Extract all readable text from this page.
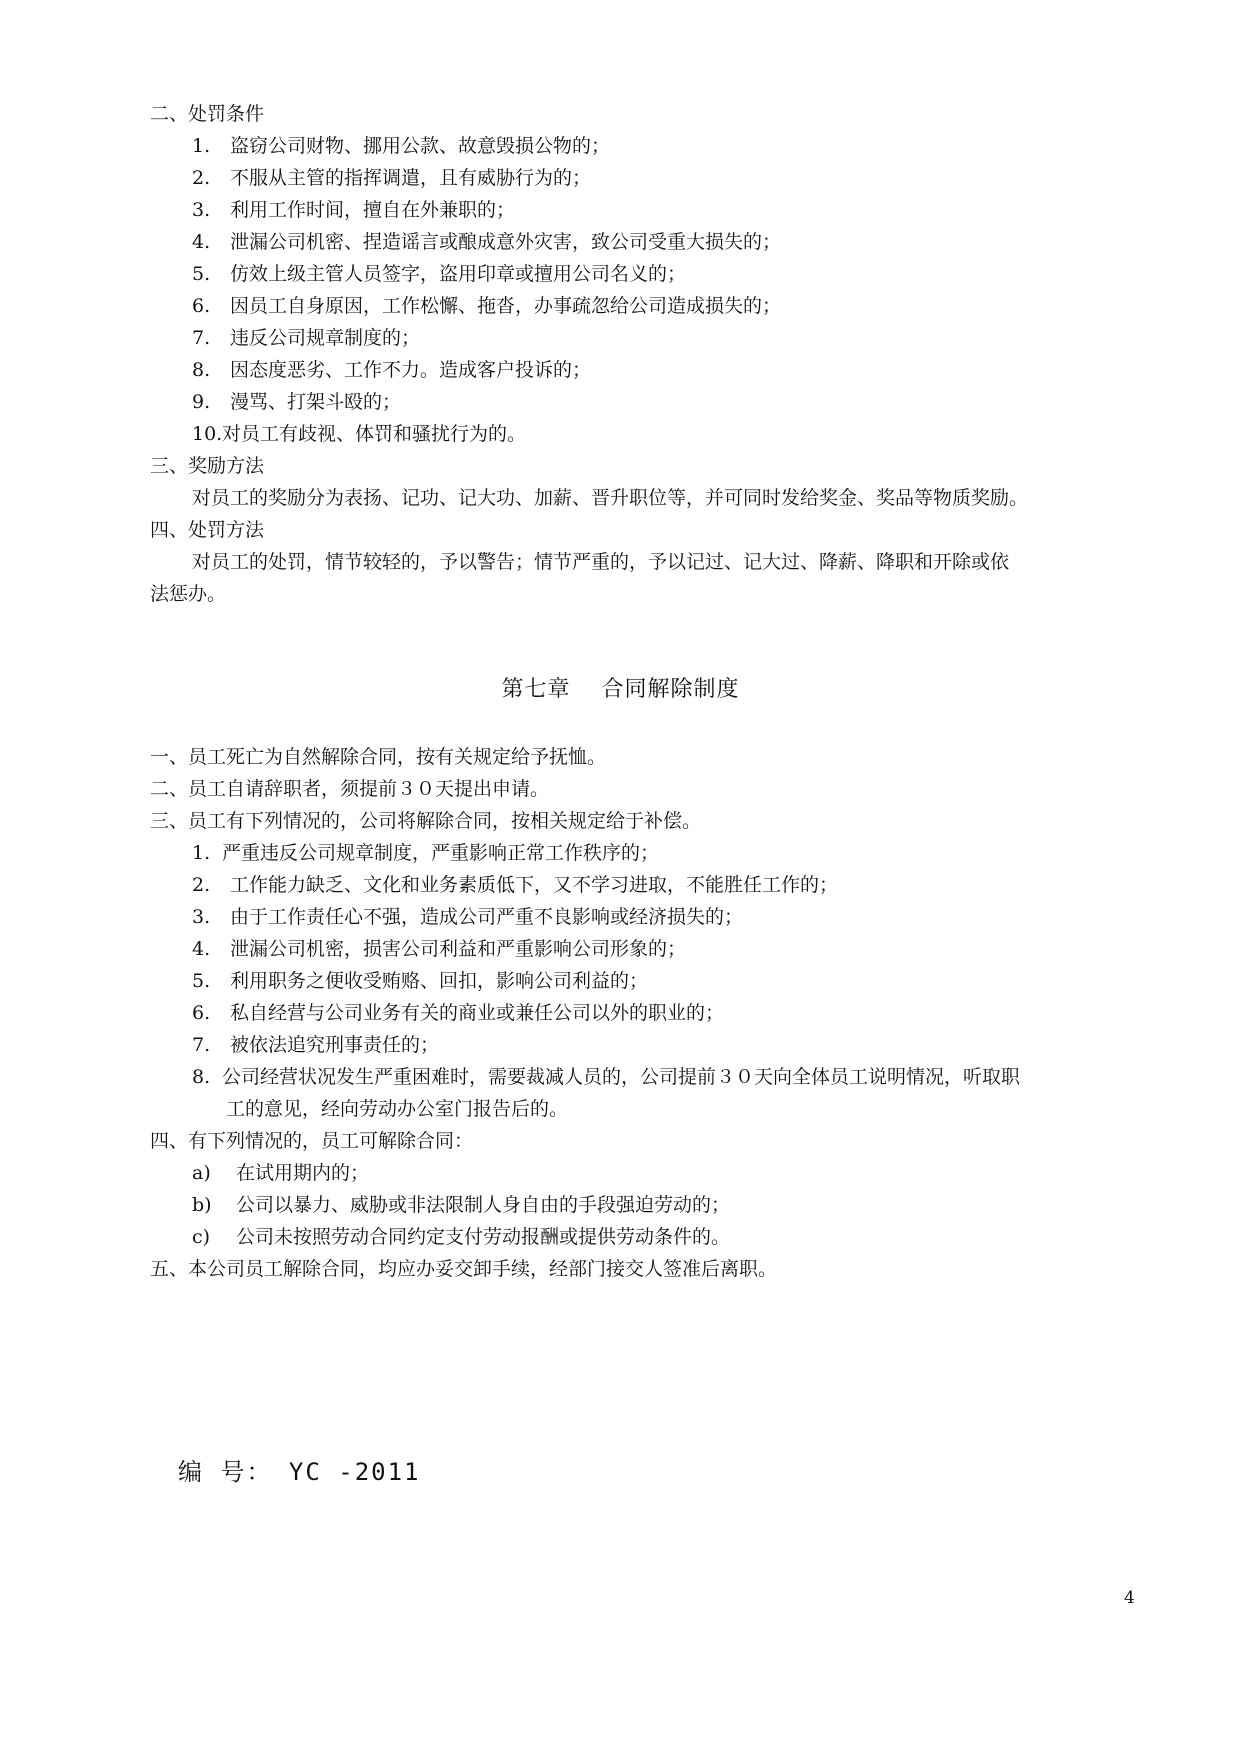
二、处罚条件
1. 盗窃公司财物、挪用公款、故意毁损公物的；
2. 不服从主管的指挥调遣，且有威胁行为的；
3. 利用工作时间，擅自在外兼职的；
4. 泄漏公司机密、捏造谣言或酿成意外灾害，致公司受重大损失的；
5. 仿效上级主管人员签字，盗用印章或擅用公司名义的；
6. 因员工自身原因，工作松懈、拖沓，办事疏忽给公司造成损失的；
7. 违反公司规章制度的；
8. 因态度恶劣、工作不力。造成客户投诉的；
9. 漫骂、打架斗殴的；
10.对员工有歧视、体罚和骚扰行为的。
三、奖励方法
对员工的奖励分为表扬、记功、记大功、加薪、晋升职位等，并可同时发给奖金、奖品等物质奖励。
四、处罚方法
对员工的处罚，情节较轻的，予以警告；情节严重的，予以记过、记大过、降薪、降职和开除或依
法惩办。
第七章　 合同解除制度
一、员工死亡为自然解除合同，按有关规定给予抚恤。
二、员工自请辞职者，须提前３０天提出申请。
三、员工有下列情况的，公司将解除合同，按相关规定给于补偿。
1. 严重违反公司规章制度，严重影响正常工作秩序的；
2. 工作能力缺乏、文化和业务素质低下，又不学习进取，不能胜任工作的；
3. 由于工作责任心不强，造成公司严重不良影响或经济损失的；
4. 泄漏公司机密，损害公司利益和严重影响公司形象的；
5. 利用职务之便收受贿赂、回扣，影响公司利益的；
6. 私自经营与公司业务有关的商业或兼任公司以外的职业的；
7. 被依法追究刑事责任的；
8. 公司经营状况发生严重困难时，需要裁减人员的，公司提前３０天向全体员工说明情况，听取职
工的意见，经向劳动办公室门报告后的。
四、有下列情况的，员工可解除合同：
a) 在试用期内的；
b) 公司以暴力、威胁或非法限制人身自由的手段强迫劳动的；
c) 公司未按照劳动合同约定支付劳动报酬或提供劳动条件的。
五、本公司员工解除合同，均应办妥交卸手续，经部门接交人签准后离职。
编 号： YC -2011
4
